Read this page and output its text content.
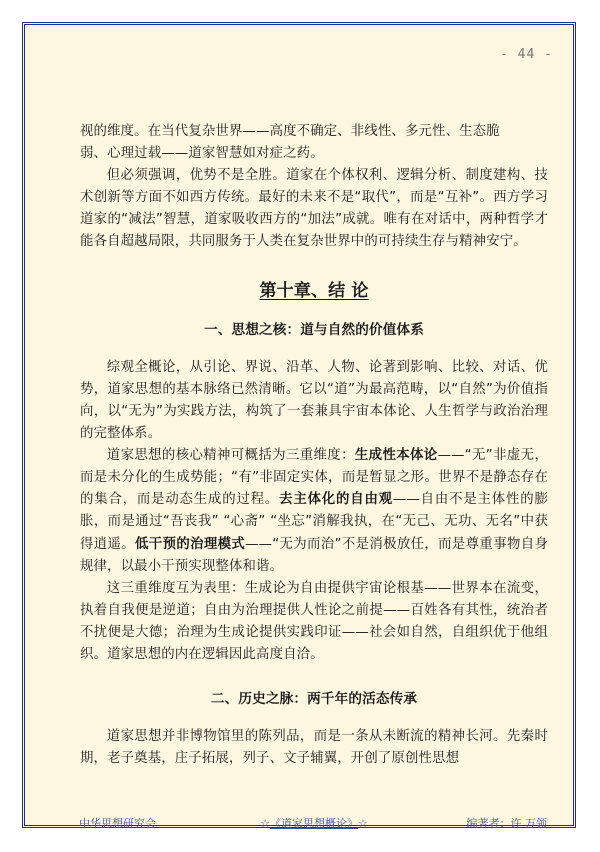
- 44 -

视的维度。在当代复杂世界——高度不确定、非线性、多元性、生态脆

弱、心理过载——道家智慧如对症之药。

但必须强调，优势不是全胜。道家在个体权利、逻辑分析、制度建构、技术创新等方面不如西方传统。最好的未来不是“取代”，而是“互补”。西方学习道家的“减法”智慧，道家吸收西方的“加法”成就。唯有在对话中，两种哲学才能各自超越局限，共同服务于人类在复杂世界中的可持续生存与精神安宁。

第十章、结 论

一、思想之核：道与自然的价值体系

综观全概论，从引论、界说、沿革、人物、论著到影响、比较、对话、优势，道家思想的基本脉络已然清晰。它以“道”为最高范畴，以“自然”为价值指向，以“无为”为实践方法，构筑了一套兼具宇宙本体论、人生哲学与政治治理的完整体系。

道家思想的核心精神可概括为三重维度：生成性本体论——“无”非虚无，而是未分化的生成势能；“有”非固定实体，而是暂显之形。世界不是静态存在的集合，而是动态生成的过程。去主体化的自由观——自由不是主体性的膨胀，而是通过“吾丧我” “心斋” “坐忘”消解我执，在“无己、无功、无名”中获得逍遥。低干预的治理模式——“无为而治”不是消极放任，而是尊重事物自身规律，以最小干预实现整体和谐。

这三重维度互为表里：生成论为自由提供宇宙论根基——世界本在流变，执着自我便是逆道；自由为治理提供人性论之前提——百姓各有其性，统治者不扰便是大德；治理为生成论提供实践印证——社会如自然，自组织优于他组织。道家思想的内在逻辑因此高度自洽。

二、历史之脉：两千年的活态传承

道家思想并非博物馆里的陈列品，而是一条从未断流的精神长河。先秦时期，老子奠基，庄子拓展，列子、文子辅翼，开创了原创性思想

中华思想研究会	☆《道家思想概论》☆	编著者：许 万领
